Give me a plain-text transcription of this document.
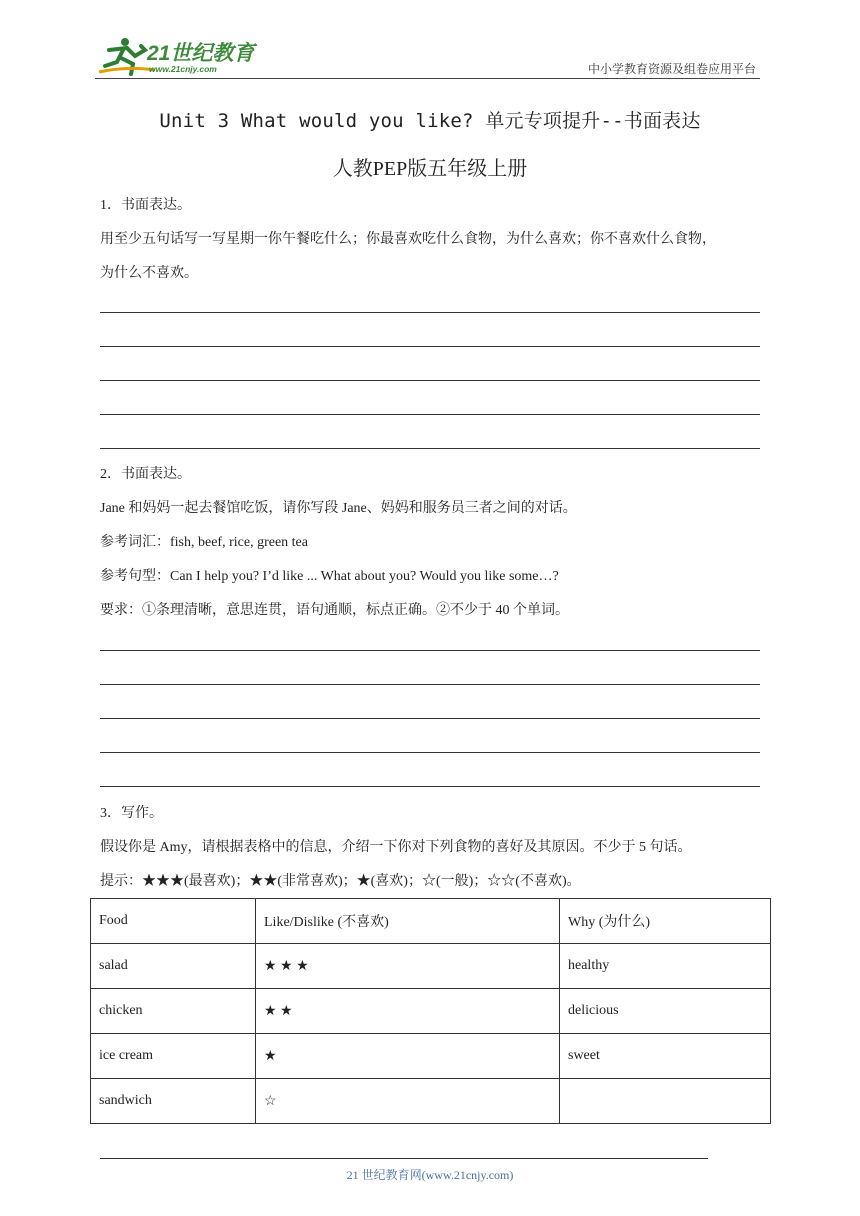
21世纪教育
www.21cnjy.com	中小学教育资源及组卷应用平台
Unit 3 What would you like? 单元专项提升--书面表达
人教PEP版五年级上册
1．书面表达。
用至少五句话写一写星期一你午餐吃什么；你最喜欢吃什么食物，为什么喜欢；你不喜欢什么食物，
为什么不喜欢。
2．书面表达。
Jane 和妈妈一起去餐馆吃饭，请你写段 Jane、妈妈和服务员三者之间的对话。
参考词汇：fish, beef, rice, green tea
参考句型：Can I help you? I’d like ... What about you? Would you like some…?
要求：①条理清晰，意思连贯，语句通顺，标点正确。②不少于 40 个单词。
3．写作。
假设你是 Amy，请根据表格中的信息，介绍一下你对下列食物的喜好及其原因。不少于 5 句话。
提示：★★★(最喜欢)；★★(非常喜欢)；★(喜欢)；☆(一般)；☆☆(不喜欢)。
Food	Like/Dislike (不喜欢)	Why (为什么)
salad	★ ★ ★	healthy
chicken	★ ★	delicious
ice cream	★	sweet
sandwich	☆	
21 世纪教育网(www.21cnjy.com)
